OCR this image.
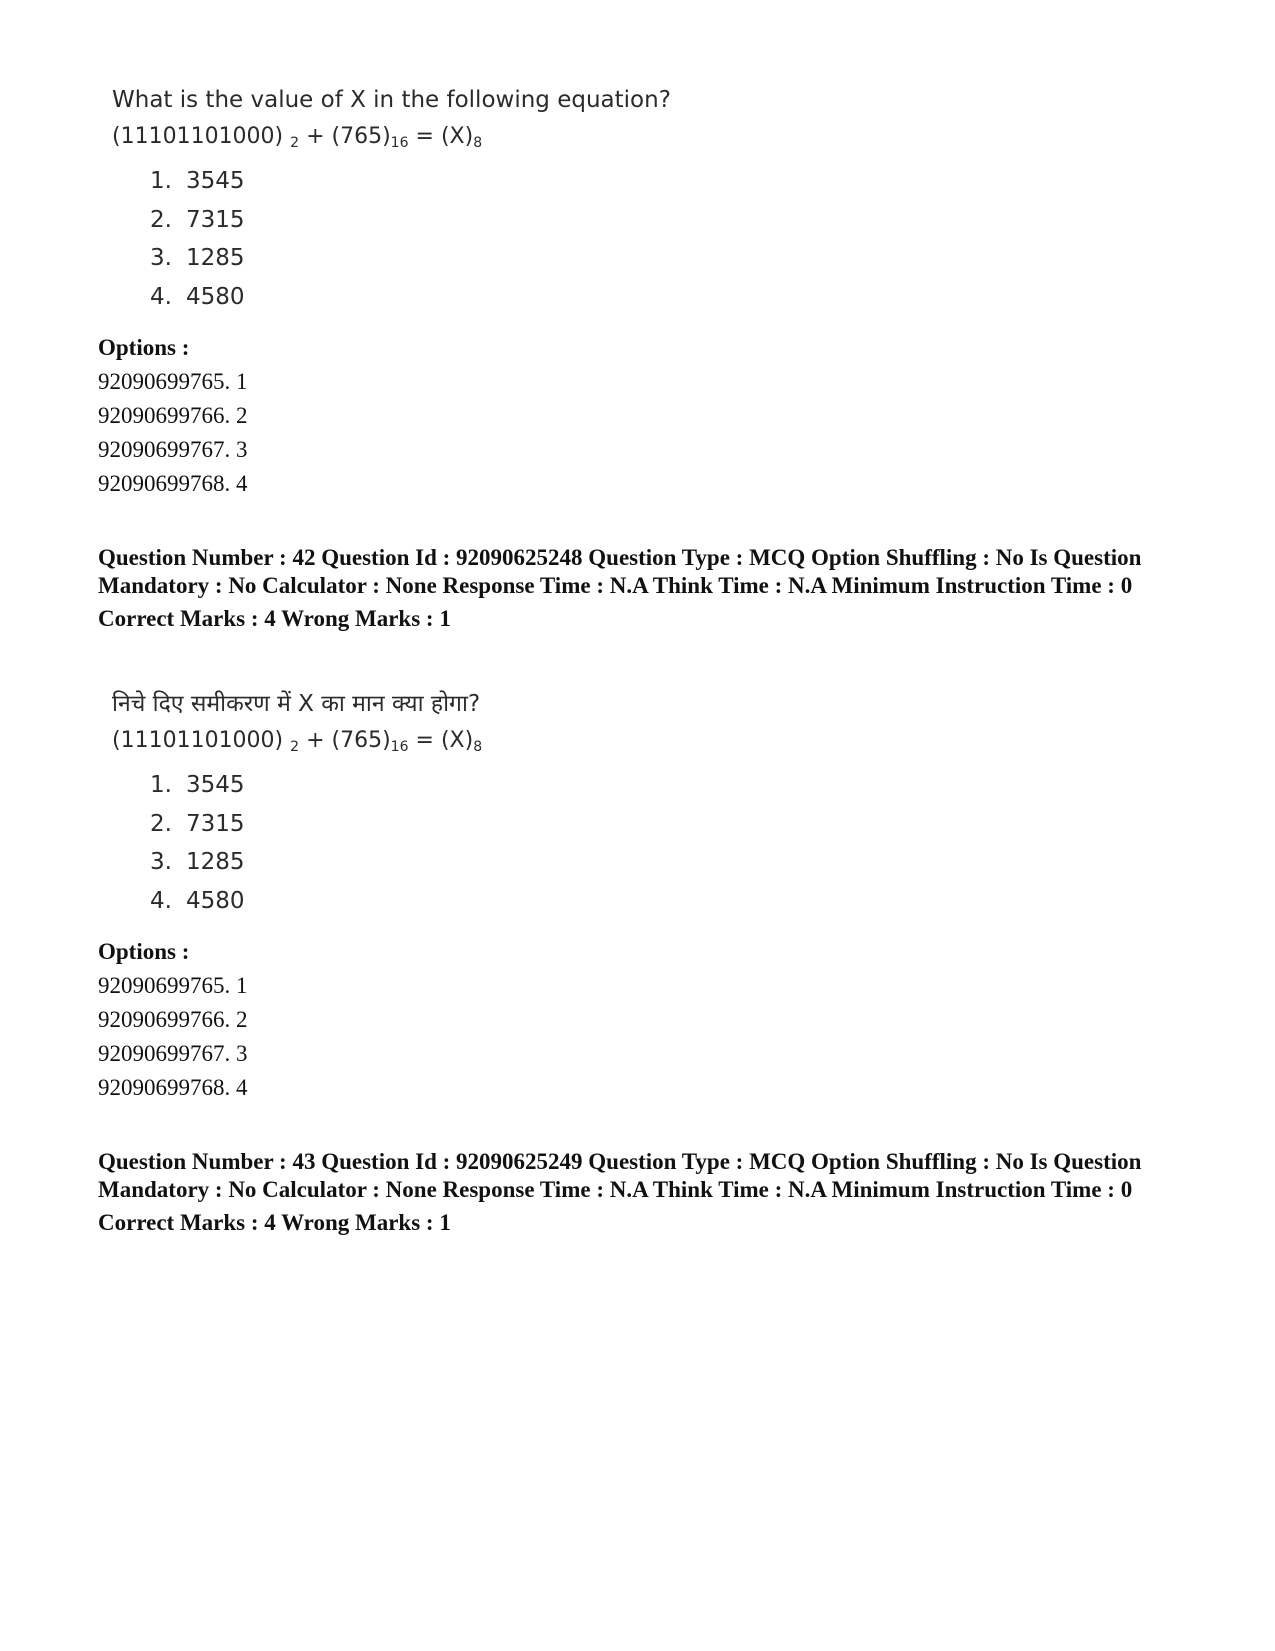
What is the value of X in the following equation?
(11101101000) $_2 + (765)_{16} = (X)_8$
1. 3545
2. 7315
3. 1285
4. 4580
Options :
92090699765. 1
92090699766. 2
92090699767. 3
92090699768. 4
Question Number : 42 Question Id : 92090625248 Question Type : MCQ Option Shuffling : No Is Question Mandatory : No Calculator : None Response Time : N.A Think Time : N.A Minimum Instruction Time : 0
Correct Marks : 4 Wrong Marks : 1
निचे दिए समीकरण में X का मान क्या होगा?
(11101101000) $_2 + (765)_{16} = (X)_8$
1. 3545
2. 7315
3. 1285
4. 4580
Options :
92090699765. 1
92090699766. 2
92090699767. 3
92090699768. 4
Question Number : 43 Question Id : 92090625249 Question Type : MCQ Option Shuffling : No Is Question Mandatory : No Calculator : None Response Time : N.A Think Time : N.A Minimum Instruction Time : 0
Correct Marks : 4 Wrong Marks : 1
